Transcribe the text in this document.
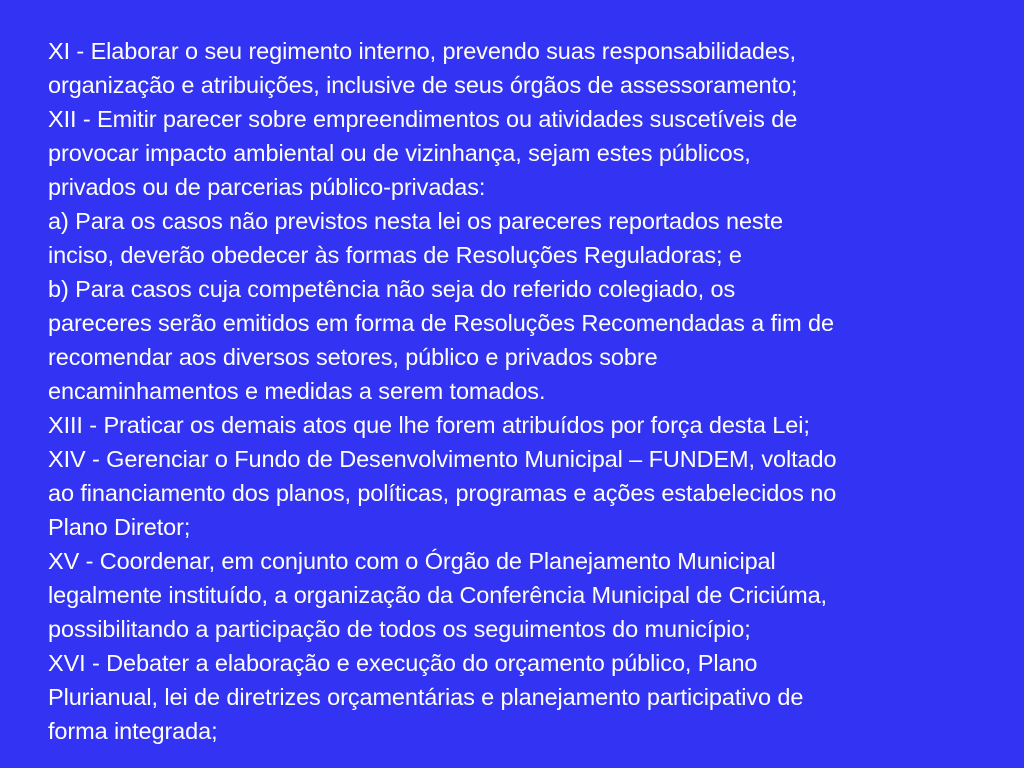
XI - Elaborar o seu regimento interno, prevendo suas responsabilidades,
organização e atribuições, inclusive de seus órgãos de assessoramento;
XII - Emitir parecer sobre empreendimentos ou atividades suscetíveis de
provocar impacto ambiental ou de vizinhança, sejam estes públicos,
privados ou de parcerias público-privadas:
a) Para os casos não previstos nesta lei os pareceres reportados neste
inciso, deverão obedecer às formas de Resoluções Reguladoras; e
b) Para casos cuja competência não seja do referido colegiado, os
pareceres serão emitidos em forma de Resoluções Recomendadas a fim de
recomendar aos diversos setores, público e privados sobre
encaminhamentos e medidas a serem tomados.
XIII - Praticar os demais atos que lhe forem atribuídos por força desta Lei;
XIV - Gerenciar o Fundo de Desenvolvimento Municipal – FUNDEM, voltado
ao financiamento dos planos, políticas, programas e ações estabelecidos no
Plano Diretor;
XV - Coordenar, em conjunto com o Órgão de Planejamento Municipal
legalmente instituído, a organização da Conferência Municipal de Criciúma,
possibilitando a participação de todos os seguimentos do município;
XVI - Debater a elaboração e execução do orçamento público, Plano
Plurianual, lei de diretrizes orçamentárias e planejamento participativo de
forma integrada;
